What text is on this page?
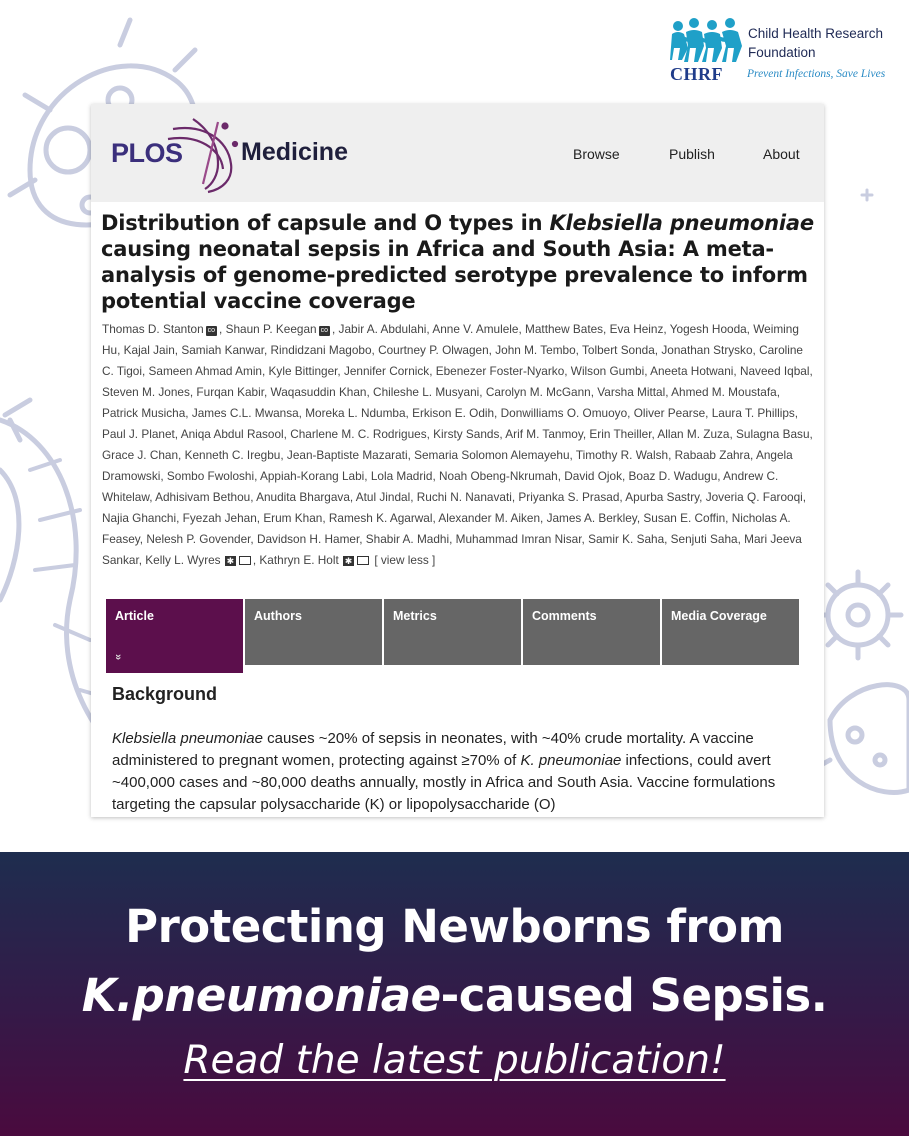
Child Health Research
Foundation
CHRF Prevent Infections, Save Lives
PLOS Medicine	Browse	Publish	About
Distribution of capsule and O types in Klebsiella pneumoniae causing neonatal sepsis in Africa and South Asia: A meta-analysis of genome-predicted serotype prevalence to inform potential vaccine coverage
Thomas D. Stanton co , Shaun P. Keegan co , Jabir A. Abdulahi, Anne V. Amulele, Matthew Bates, Eva Heinz, Yogesh Hooda, Weiming Hu, Kajal Jain, Samiah Kanwar, Rindidzani Magobo, Courtney P. Olwagen, John M. Tembo, Tolbert Sonda, Jonathan Strysko, Caroline C. Tigoi, Sameen Ahmad Amin, Kyle Bittinger, Jennifer Cornick, Ebenezer Foster-Nyarko, Wilson Gumbi, Aneeta Hotwani, Naveed Iqbal, Steven M. Jones, Furqan Kabir, Waqasuddin Khan, Chileshe L. Musyani, Carolyn M. McGann, Varsha Mittal, Ahmed M. Moustafa, Patrick Musicha, James C.L. Mwansa, Moreka L. Ndumba, Erkison E. Odih, Donwilliams O. Omuoyo, Oliver Pearse, Laura T. Phillips, Paul J. Planet, Aniqa Abdul Rasool, Charlene M. C. Rodrigues, Kirsty Sands, Arif M. Tanmoy, Erin Theiller, Allan M. Zuza, Sulagna Basu, Grace J. Chan, Kenneth C. Iregbu, Jean-Baptiste Mazarati, Semaria Solomon Alemayehu, Timothy R. Walsh, Rabaab Zahra, Angela Dramowski, Sombo Fwoloshi, Appiah-Korang Labi, Lola Madrid, Noah Obeng-Nkrumah, David Ojok, Boaz D. Wadugu, Andrew C. Whitelaw, Adhisivam Bethou, Anudita Bhargava, Atul Jindal, Ruchi N. Nanavati, Priyanka S. Prasad, Apurba Sastry, Joveria Q. Farooqi, Najia Ghanchi, Fyezah Jehan, Erum Khan, Ramesh K. Agarwal, Alexander M. Aiken, James A. Berkley, Susan E. Coffin, Nicholas A. Feasey, Nelesh P. Govender, Davidson H. Hamer, Shabir A. Madhi, Muhammad Imran Nisar, Samir K. Saha, Senjuti Saha, Mari Jeeva Sankar, Kelly L. Wyres ✱ , Kathryn E. Holt ✱ [ view less ]
Article
»
Authors	Metrics	Comments	Media Coverage
Background
Klebsiella pneumoniae causes ~20% of sepsis in neonates, with ~40% crude mortality. A vaccine administered to pregnant women, protecting against ≥70% of K. pneumoniae infections, could avert ~400,000 cases and ~80,000 deaths annually, mostly in Africa and South Asia. Vaccine formulations targeting the capsular polysaccharide (K) or lipopolysaccharide (O)
Protecting Newborns from
K.pneumoniae-caused Sepsis.
Read the latest publication!
